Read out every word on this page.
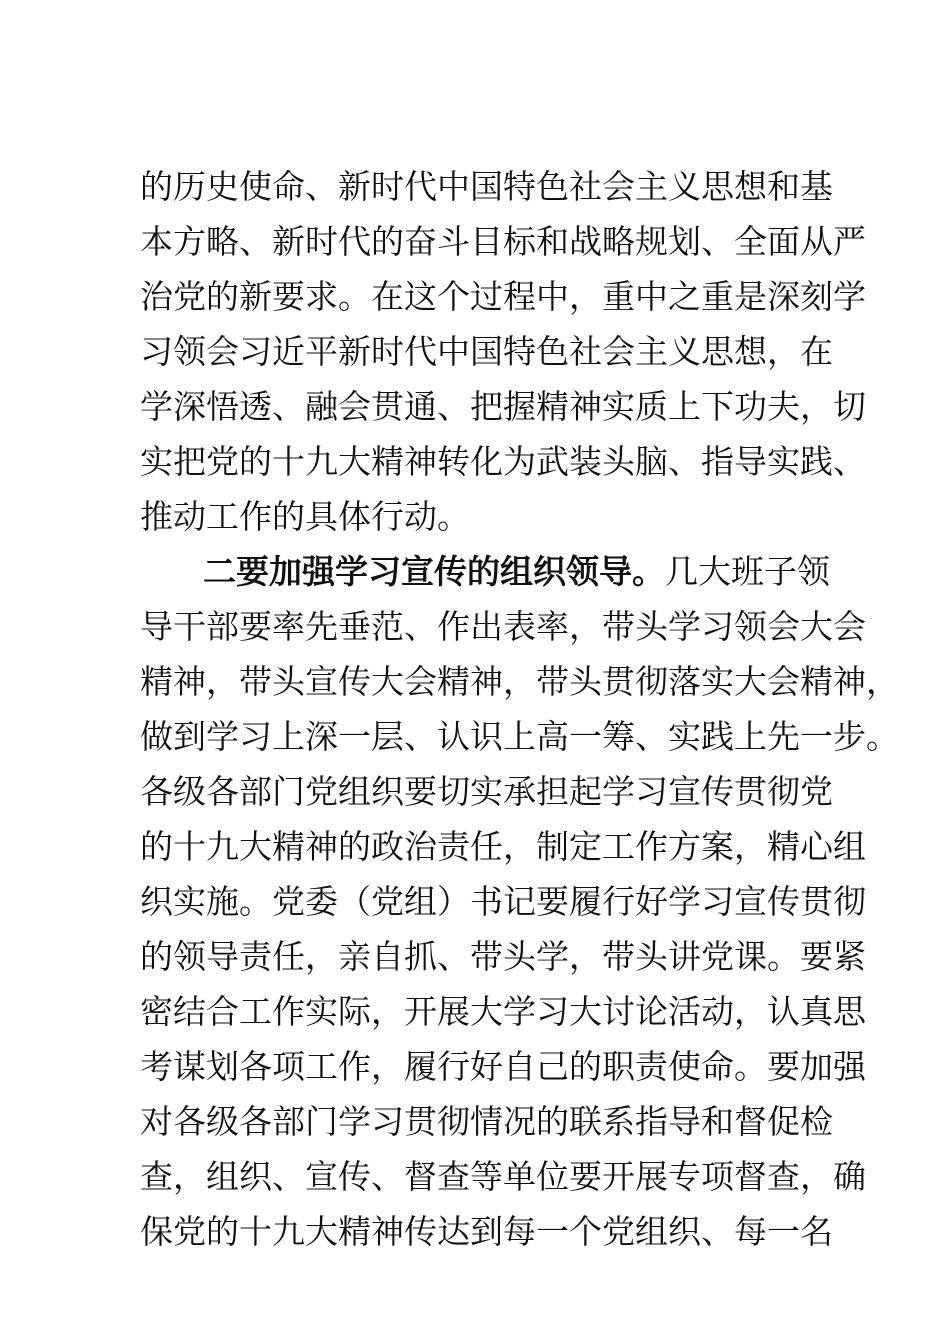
的历史使命、新时代中国特色社会主义思想和基
本方略、新时代的奋斗目标和战略规划、全面从严
治党的新要求。在这个过程中，重中之重是深刻学
习领会习近平新时代中国特色社会主义思想，在
学深悟透、融会贯通、把握精神实质上下功夫，切
实把党的十九大精神转化为武装头脑、指导实践、
推动工作的具体行动。
二要加强学习宣传的组织领导。几大班子领
导干部要率先垂范、作出表率，带头学习领会大会
精神，带头宣传大会精神，带头贯彻落实大会精神，
做到学习上深一层、认识上高一筹、实践上先一步。
各级各部门党组织要切实承担起学习宣传贯彻党
的十九大精神的政治责任，制定工作方案，精心组
织实施。党委（党组）书记要履行好学习宣传贯彻
的领导责任，亲自抓、带头学，带头讲党课。要紧
密结合工作实际，开展大学习大讨论活动，认真思
考谋划各项工作，履行好自己的职责使命。要加强
对各级各部门学习贯彻情况的联系指导和督促检
查，组织、宣传、督查等单位要开展专项督查，确
保党的十九大精神传达到每一个党组织、每一名
